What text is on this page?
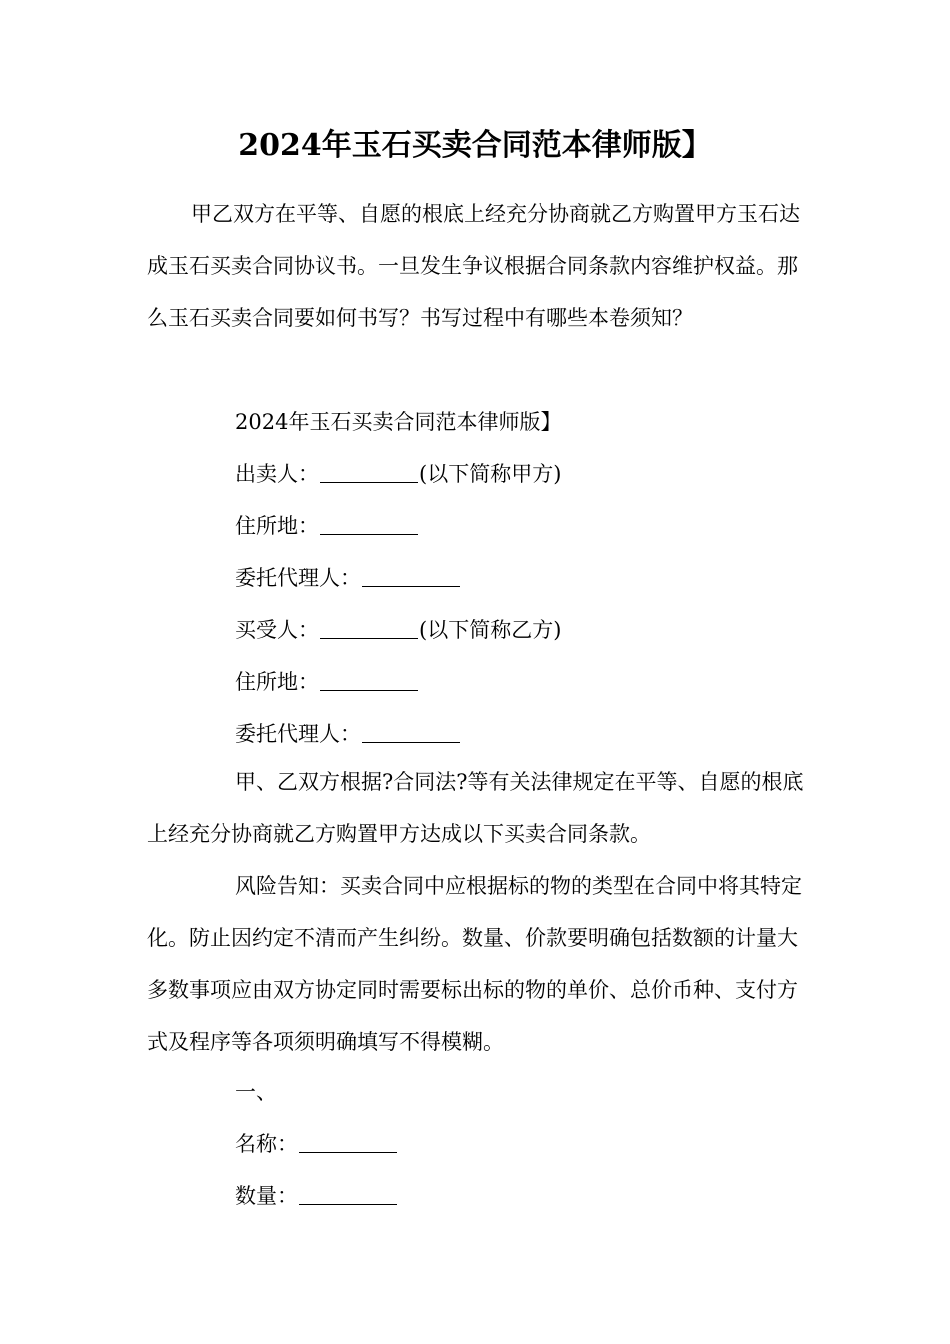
2024年玉石买卖合同范本律师版】

甲乙双方在平等、自愿的根底上经充分协商就乙方购置甲方玉石达成玉石买卖合同协议书。一旦发生争议根据合同条款内容维护权益。那么玉石买卖合同要如何书写？书写过程中有哪些本卷须知？

2024年玉石买卖合同范本律师版】

出卖人：	(以下简称甲方)

住所地：

委托代理人：

买受人：	(以下简称乙方)

住所地：

委托代理人：

甲、乙双方根据?合同法?等有关法律规定在平等、自愿的根底上经充分协商就乙方购置甲方达成以下买卖合同条款。

风险告知：买卖合同中应根据标的物的类型在合同中将其特定化。防止因约定不清而产生纠纷。数量、价款要明确包括数额的计量大多数事项应由双方协定同时需要标出标的物的单价、总价币种、支付方式及程序等各项须明确填写不得模糊。

一、

名称：

数量：
